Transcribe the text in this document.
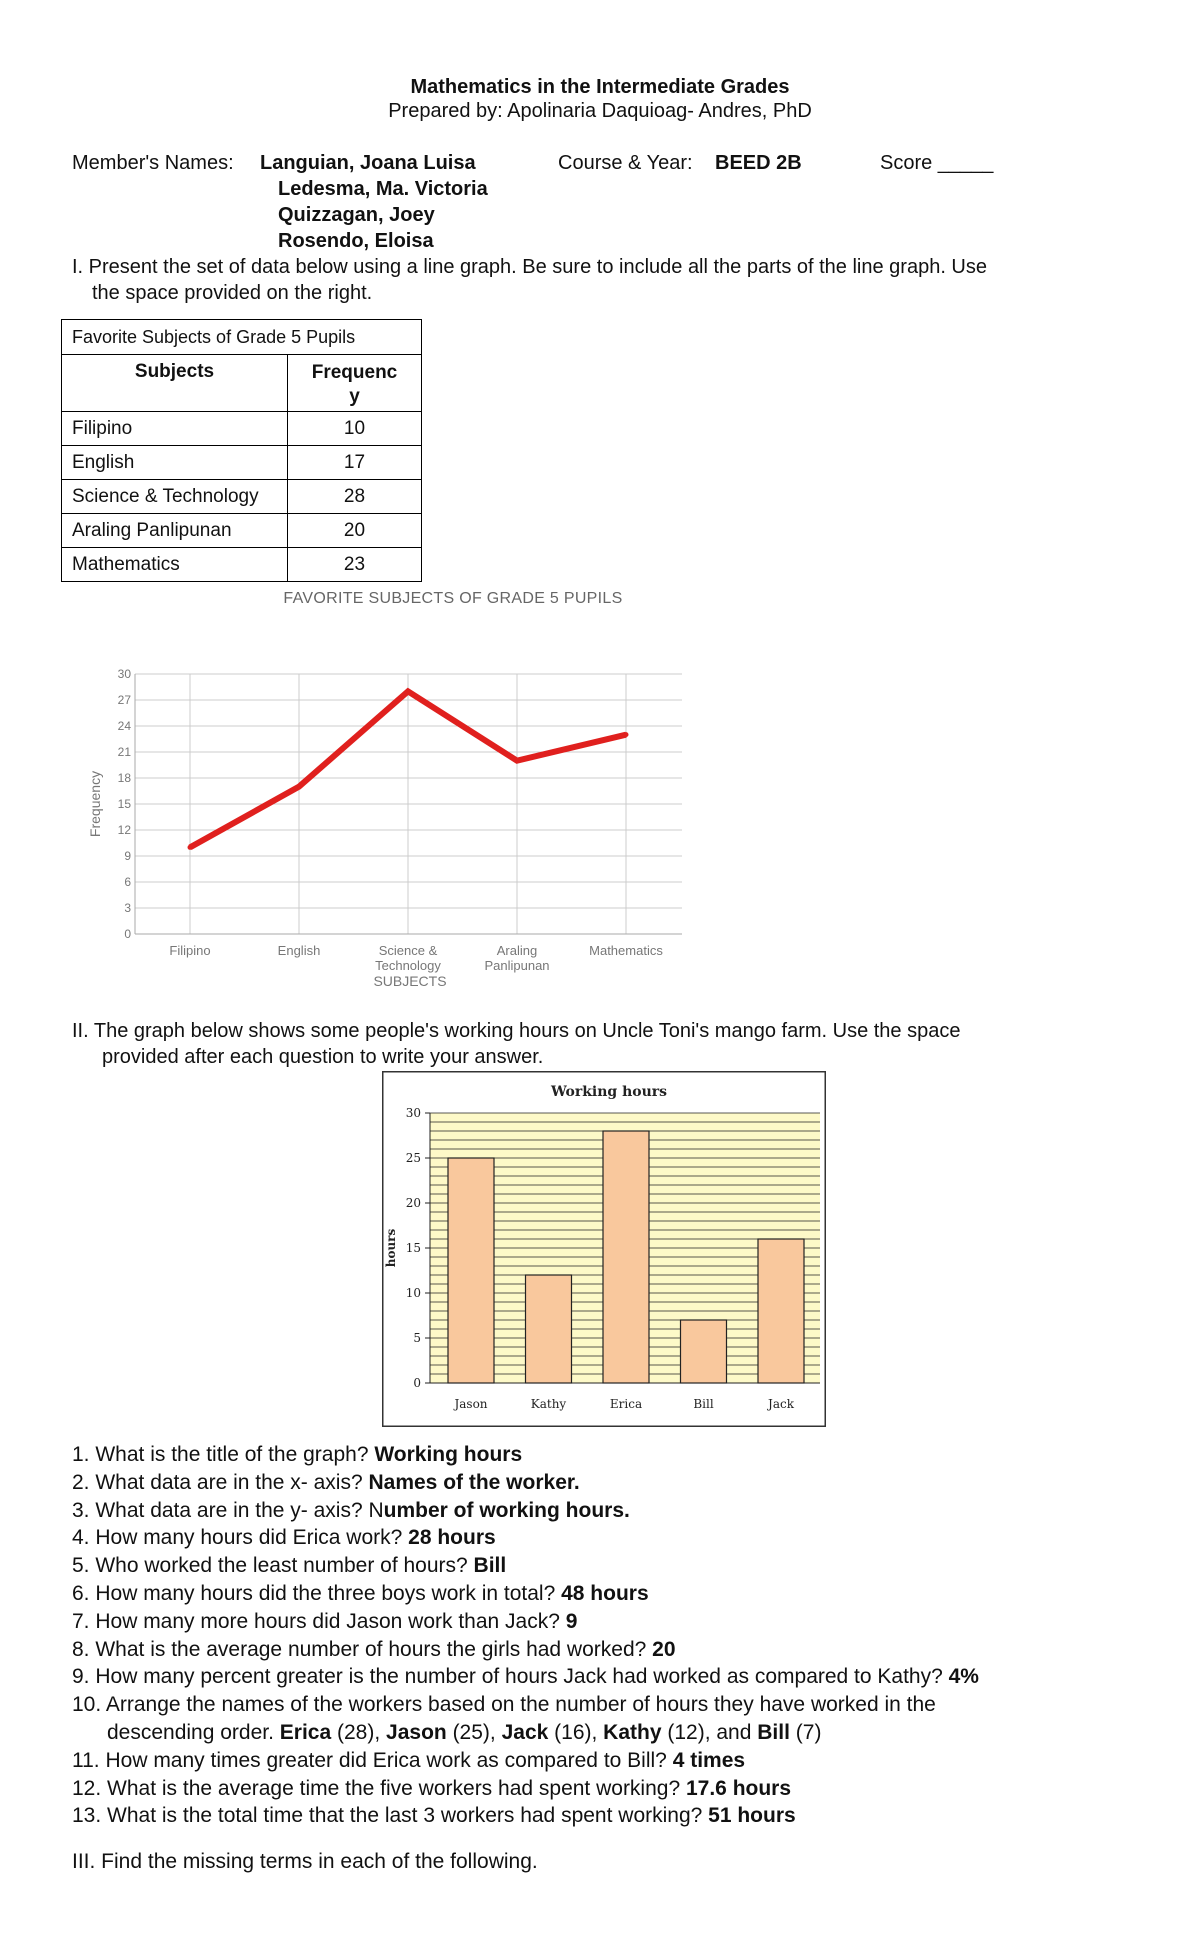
Mathematics in the Intermediate Grades
Prepared by: Apolinaria Daquioag- Andres, PhD
Member's Names: Languian, Joana Luisa
Ledesma, Ma. Victoria
Quizzagan, Joey
Rosendo, Eloisa
Course & Year: BEED 2B	Score _____
I. Present the set of data below using a line graph. Be sure to include all the parts of the line graph. Use
the space provided on the right.
Favorite Subjects of Grade 5 Pupils	
Subjects	Frequenc
y
Filipino	10
English	17
Science & Technology	28
Araling Panlipunan	20
Mathematics	23
FAVORITE SUBJECTS OF GRADE 5 PUPILS
0
3
6
9
12
15
18
21
24
27
30
Filipino	English	Science &
Technology
Araling
Panlipunan
Mathematics
SUBJECTS
Frequency
II. The graph below shows some people's working hours on Uncle Toni's mango farm. Use the space
provided after each question to write your answer.
0
5
10
15
20
25
30
Working hours
hours
Jason	Kathy	Erica	Bill	Jack
1. What is the title of the graph? Working hours
2. What data are in the x- axis? Names of the worker.
3. What data are in the y- axis? Number of working hours.
4. How many hours did Erica work? 28 hours
5. Who worked the least number of hours? Bill
6. How many hours did the three boys work in total? 48 hours
7. How many more hours did Jason work than Jack? 9
8. What is the average number of hours the girls had worked? 20
9. How many percent greater is the number of hours Jack had worked as compared to Kathy? 4%
10. Arrange the names of the workers based on the number of hours they have worked in the
descending order. Erica (28), Jason (25), Jack (16), Kathy (12), and Bill (7)
11. How many times greater did Erica work as compared to Bill? 4 times
12. What is the average time the five workers had spent working? 17.6 hours
13. What is the total time that the last 3 workers had spent working? 51 hours
III. Find the missing terms in each of the following.
